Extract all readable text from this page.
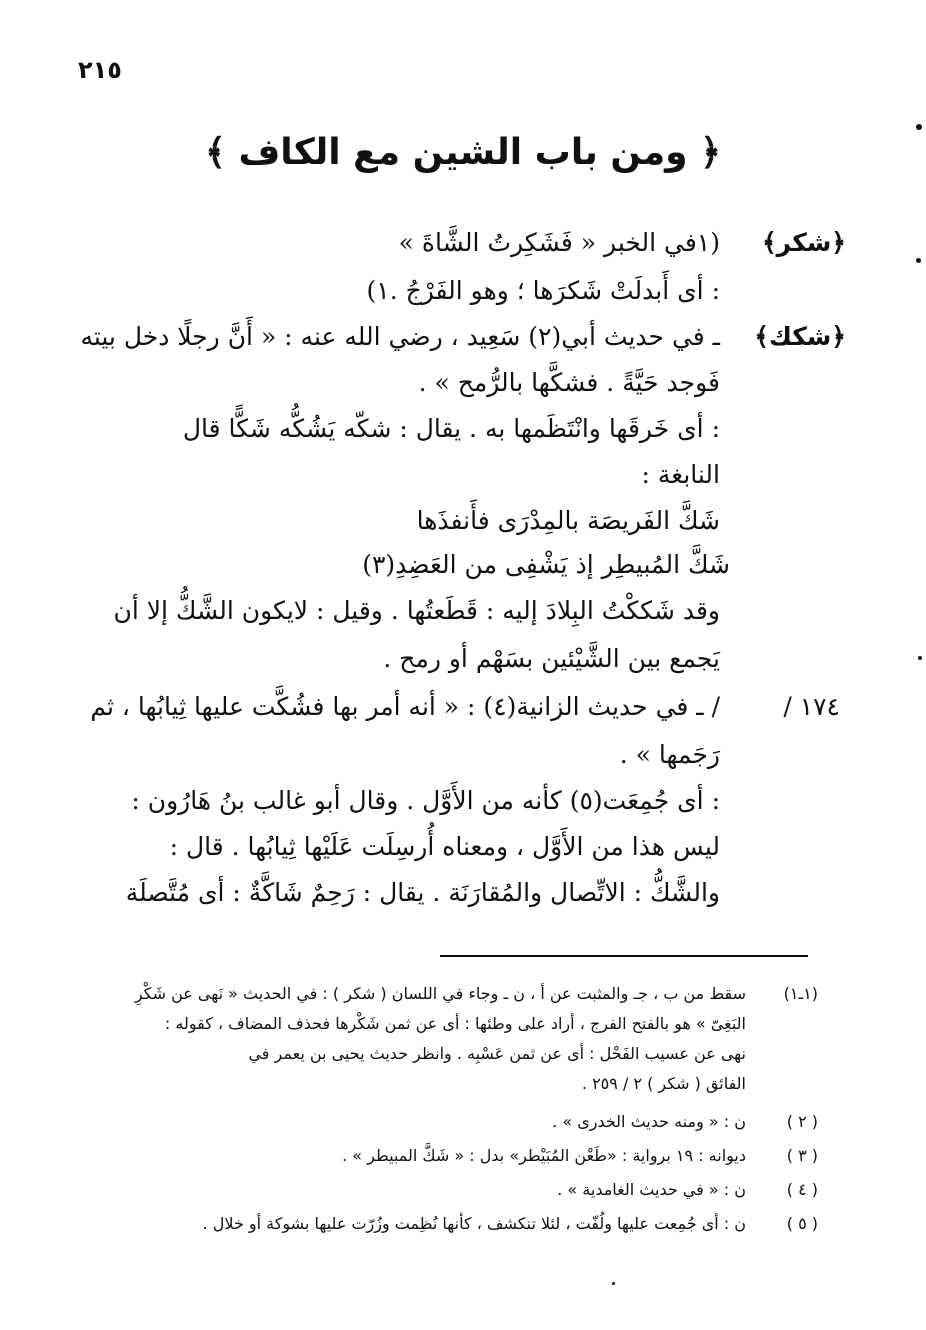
٢١٥
﴿ ومن باب الشين مع الكاف ﴾
﴿شكر﴾
﴿شكك﴾
١٧٤ /
(١في الخبر « فَشَكِرتُ الشَّاةَ »
: أى أَبدلَتْ شَكرَها ؛ وهو الفَرْجُ .١)
ـ في حديث أبي(٢) سَعِيد ، رضي الله عنه : « أَنَّ رجلًا دخل بيته
فَوجد حَيَّةً . فشكَّها بالرُّمح » .
: أى خَرقَها وانْتَظَمها به . يقال : شكّه يَشُكُّه شَكًّا قال
النابغة :
شَكَّ الفَريصَة بالمِدْرَى فأَنفذَها
شَكَّ المُبيطِر إذ يَشْفِى من العَضِدِ(٣)
وقد شَككْتُ البِلادَ إليه : قَطَعتُها . وقيل : لايكون الشَّكُّ إلا أن
يَجمع بين الشَّيْئين بسَهْم أو رمح .
/ ـ في حديث الزانية(٤) : « أنه أمر بها فشُكَّت عليها ثِيابُها ، ثم
رَجَمها » .
: أى جُمِعَت(٥) كأنه من الأَوَّل . وقال أبو غالب بنُ هَارُون :
ليس هذا من الأَوَّل ، ومعناه أُرسِلَت عَلَيْها ثِيابُها . قال :
والشَّكُّ : الاتِّصال والمُقارَنَة . يقال : رَحِمٌ شَاكَّةٌ : أى مُتَّصلَة
(١ـ١)
سقط من ب ، جـ والمثبت عن أ ، ن ـ وجاء في اللسان ( شكر ) : في الحديث « نَهى عن شَكْرِ
البَغِىّ » هو بالفتح الفرج ، أراد على وطئها : أى عن ثمن شَكْرها فحذف المضاف ، كقوله :
نهى عن عسيب الفَحْل : أى عن ثمن عَسْبِه . وانظر حديث يحيى بن يعمر في
الفائق ( شكر ) ٢ / ٢٥٩ .
( ٢ )
ن : « ومنه حديث الخدرى » .
( ٣ )
ديوانه : ١٩ برواية : «طَعْن المُبَيْطر» بدل : « شَكَّ المبيطر » .
( ٤ )
ن : « في حديث الغامدية » .
( ٥ )
ن : أى جُمِعت عليها ولُفّت ، لئلا تنكشف ، كأنها نُظِمت وزُرّت عليها بشوكة أو خلال .
